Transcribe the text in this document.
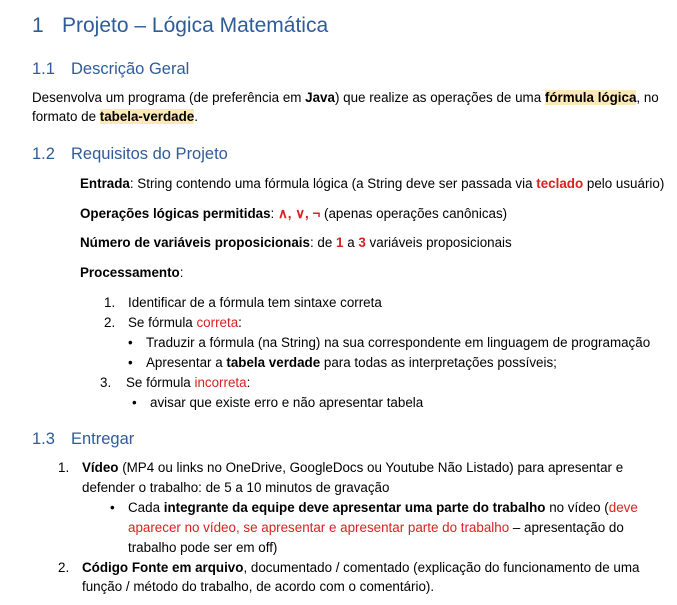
1 Projeto – Lógica Matemática
1.1 Descrição Geral
Desenvolva um programa (de preferência em Java) que realize as operações de uma fórmula lógica, no
formato de tabela-verdade.
1.2 Requisitos do Projeto
Entrada: String contendo uma fórmula lógica (a String deve ser passada via teclado pelo usuário)
Operações lógicas permitidas: ∧, ∨, ¬ (apenas operações canônicas)
Número de variáveis proposicionais: de 1 a 3 variáveis proposicionais
Processamento:
1. Identificar de a fórmula tem sintaxe correta
2. Se fórmula correta:
• Traduzir a fórmula (na String) na sua correspondente em linguagem de programação
• Apresentar a tabela verdade para todas as interpretações possíveis;
3. Se fórmula incorreta:
• avisar que existe erro e não apresentar tabela
1.3 Entregar
1. Vídeo (MP4 ou links no OneDrive, GoogleDocs ou Youtube Não Listado) para apresentar e
defender o trabalho: de 5 a 10 minutos de gravação
• Cada integrante da equipe deve apresentar uma parte do trabalho no vídeo (deve
aparecer no vídeo, se apresentar e apresentar parte do trabalho – apresentação do
trabalho pode ser em off)
2. Código Fonte em arquivo, documentado / comentado (explicação do funcionamento de uma
função / método do trabalho, de acordo com o comentário).
